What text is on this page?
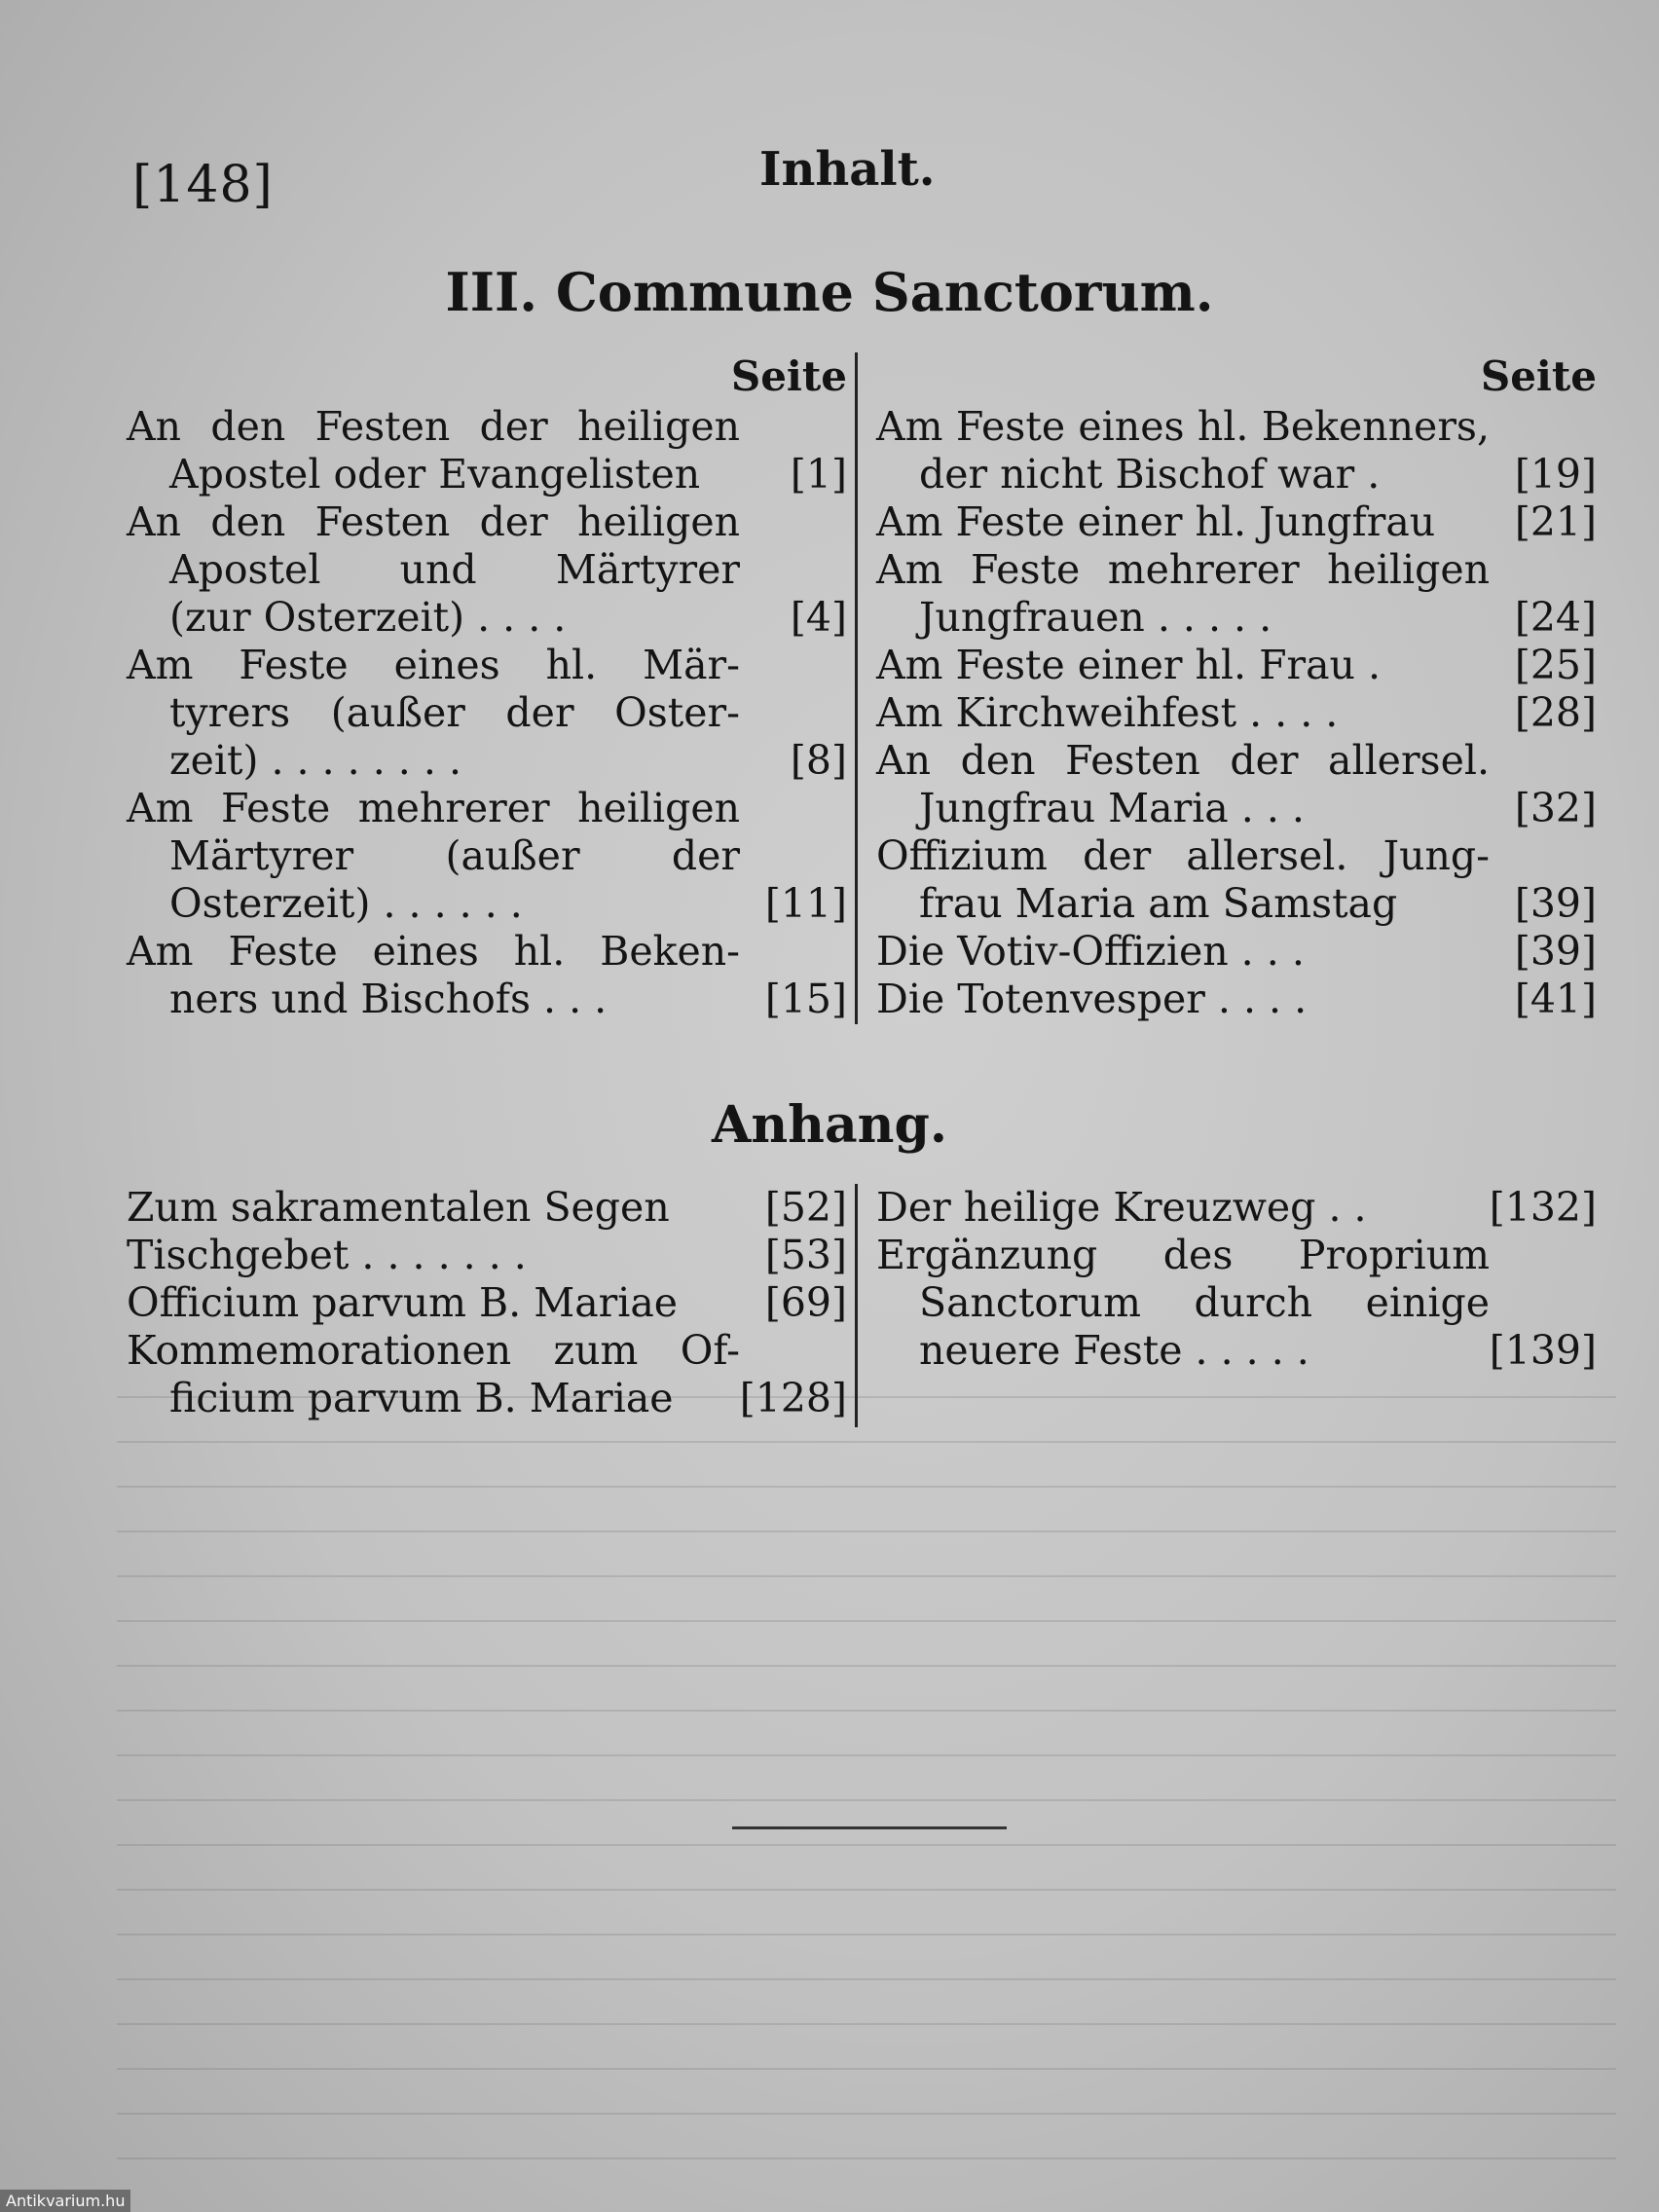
[148]	Inhalt.
III. Commune Sanctorum.
Seite
An den Festen der heiligen
Apostel oder Evangelisten	[1]
An den Festen der heiligen
Apostel und Märtyrer
(zur Osterzeit) . . . .	[4]
Am Feste eines hl. Mär-
tyrers (außer der Oster-
zeit) . . . . . . . .	[8]
Am Feste mehrerer heiligen
Märtyrer (außer der
Osterzeit) . . . . . .	[11]
Am Feste eines hl. Beken-
ners und Bischofs . . .	[15]
Seite
Am Feste eines hl. Bekenners,
der nicht Bischof war .	[19]
Am Feste einer hl. Jungfrau	[21]
Am Feste mehrerer heiligen
Jungfrauen . . . . .	[24]
Am Feste einer hl. Frau .	[25]
Am Kirchweihfest . . . .	[28]
An den Festen der allersel.
Jungfrau Maria . . .	[32]
Offizium der allersel. Jung-
frau Maria am Samstag	[39]
Die Votiv-Offizien . . .	[39]
Die Totenvesper . . . .	[41]
Anhang.
Zum sakramentalen Segen	[52]
Tischgebet . . . . . . .	[53]
Officium parvum B. Mariae	[69]
Kommemorationen zum Of-
ficium parvum B. Mariae	[128]
Der heilige Kreuzweg . .	[132]
Ergänzung des Proprium
Sanctorum durch einige
neuere Feste . . . . .	[139]
Antikvarium.hu
